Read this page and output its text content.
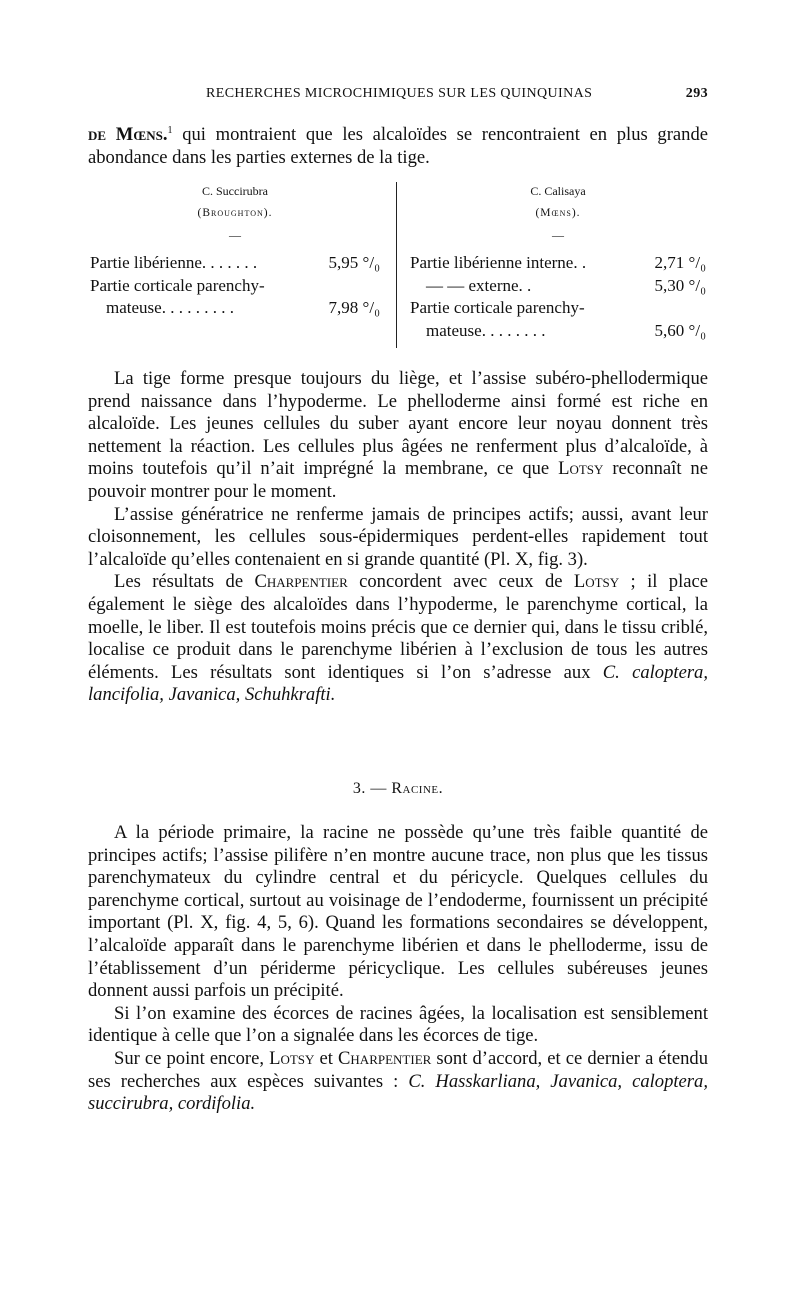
RECHERCHES MICROCHIMIQUES SUR LES QUINQUINAS	293

de Mœns.$^1$ qui montraient que les alcaloïdes se rencontraient en plus grande abondance dans les parties externes de la tige.

C. Succirubra
(Broughton).
—
Partie libérienne. . . . . . .	5,95 °/₀
Partie corticale parenchy-
mateuse. . . . . . . . .	7,98 °/₀
C. Calisaya
(Mœns).
—
Partie libérienne interne. .	2,71 °/₀
— — externe. .	5,30 °/₀
Partie corticale parenchy-
mateuse. . . . . . . .	5,60 °/₀

La tige forme presque toujours du liège, et l’assise subéro-phellodermique prend naissance dans l’hypoderme. Le phelloderme ainsi formé est riche en alcaloïde. Les jeunes cellules du suber ayant encore leur noyau donnent très nettement la réaction. Les cellules plus âgées ne renferment plus d’alcaloïde, à moins toutefois qu’il n’ait imprégné la membrane, ce que Lotsy reconnaît ne pouvoir montrer pour le moment.

L’assise génératrice ne renferme jamais de principes actifs; aussi, avant leur cloisonnement, les cellules sous-épidermiques perdent-elles rapidement tout l’alcaloïde qu’elles contenaient en si grande quantité (Pl. X, fig. 3).

Les résultats de Charpentier concordent avec ceux de Lotsy ; il place également le siège des alcaloïdes dans l’hypoderme, le parenchyme cortical, la moelle, le liber. Il est toutefois moins précis que ce dernier qui, dans le tissu criblé, localise ce produit dans le parenchyme libérien à l’exclusion de tous les autres éléments. Les résultats sont identiques si l’on s’adresse aux C. caloptera, lancifolia, Javanica, Schuhkrafti.

3. — Racine.

A la période primaire, la racine ne possède qu’une très faible quantité de principes actifs; l’assise pilifère n’en montre aucune trace, non plus que les tissus parenchymateux du cylindre central et du péricycle. Quelques cellules du parenchyme cortical, surtout au voisinage de l’endoderme, fournissent un précipité important (Pl. X, fig. 4, 5, 6). Quand les formations secondaires se développent, l’alcaloïde apparaît dans le parenchyme libérien et dans le phelloderme, issu de l’établissement d’un périderme péricyclique. Les cellules subéreuses jeunes donnent aussi parfois un précipité.

Si l’on examine des écorces de racines âgées, la localisation est sensiblement identique à celle que l’on a signalée dans les écorces de tige.

Sur ce point encore, Lotsy et Charpentier sont d’accord, et ce dernier a étendu ses recherches aux espèces suivantes : C. Hasskarliana, Javanica, caloptera, succirubra, cordifolia.
